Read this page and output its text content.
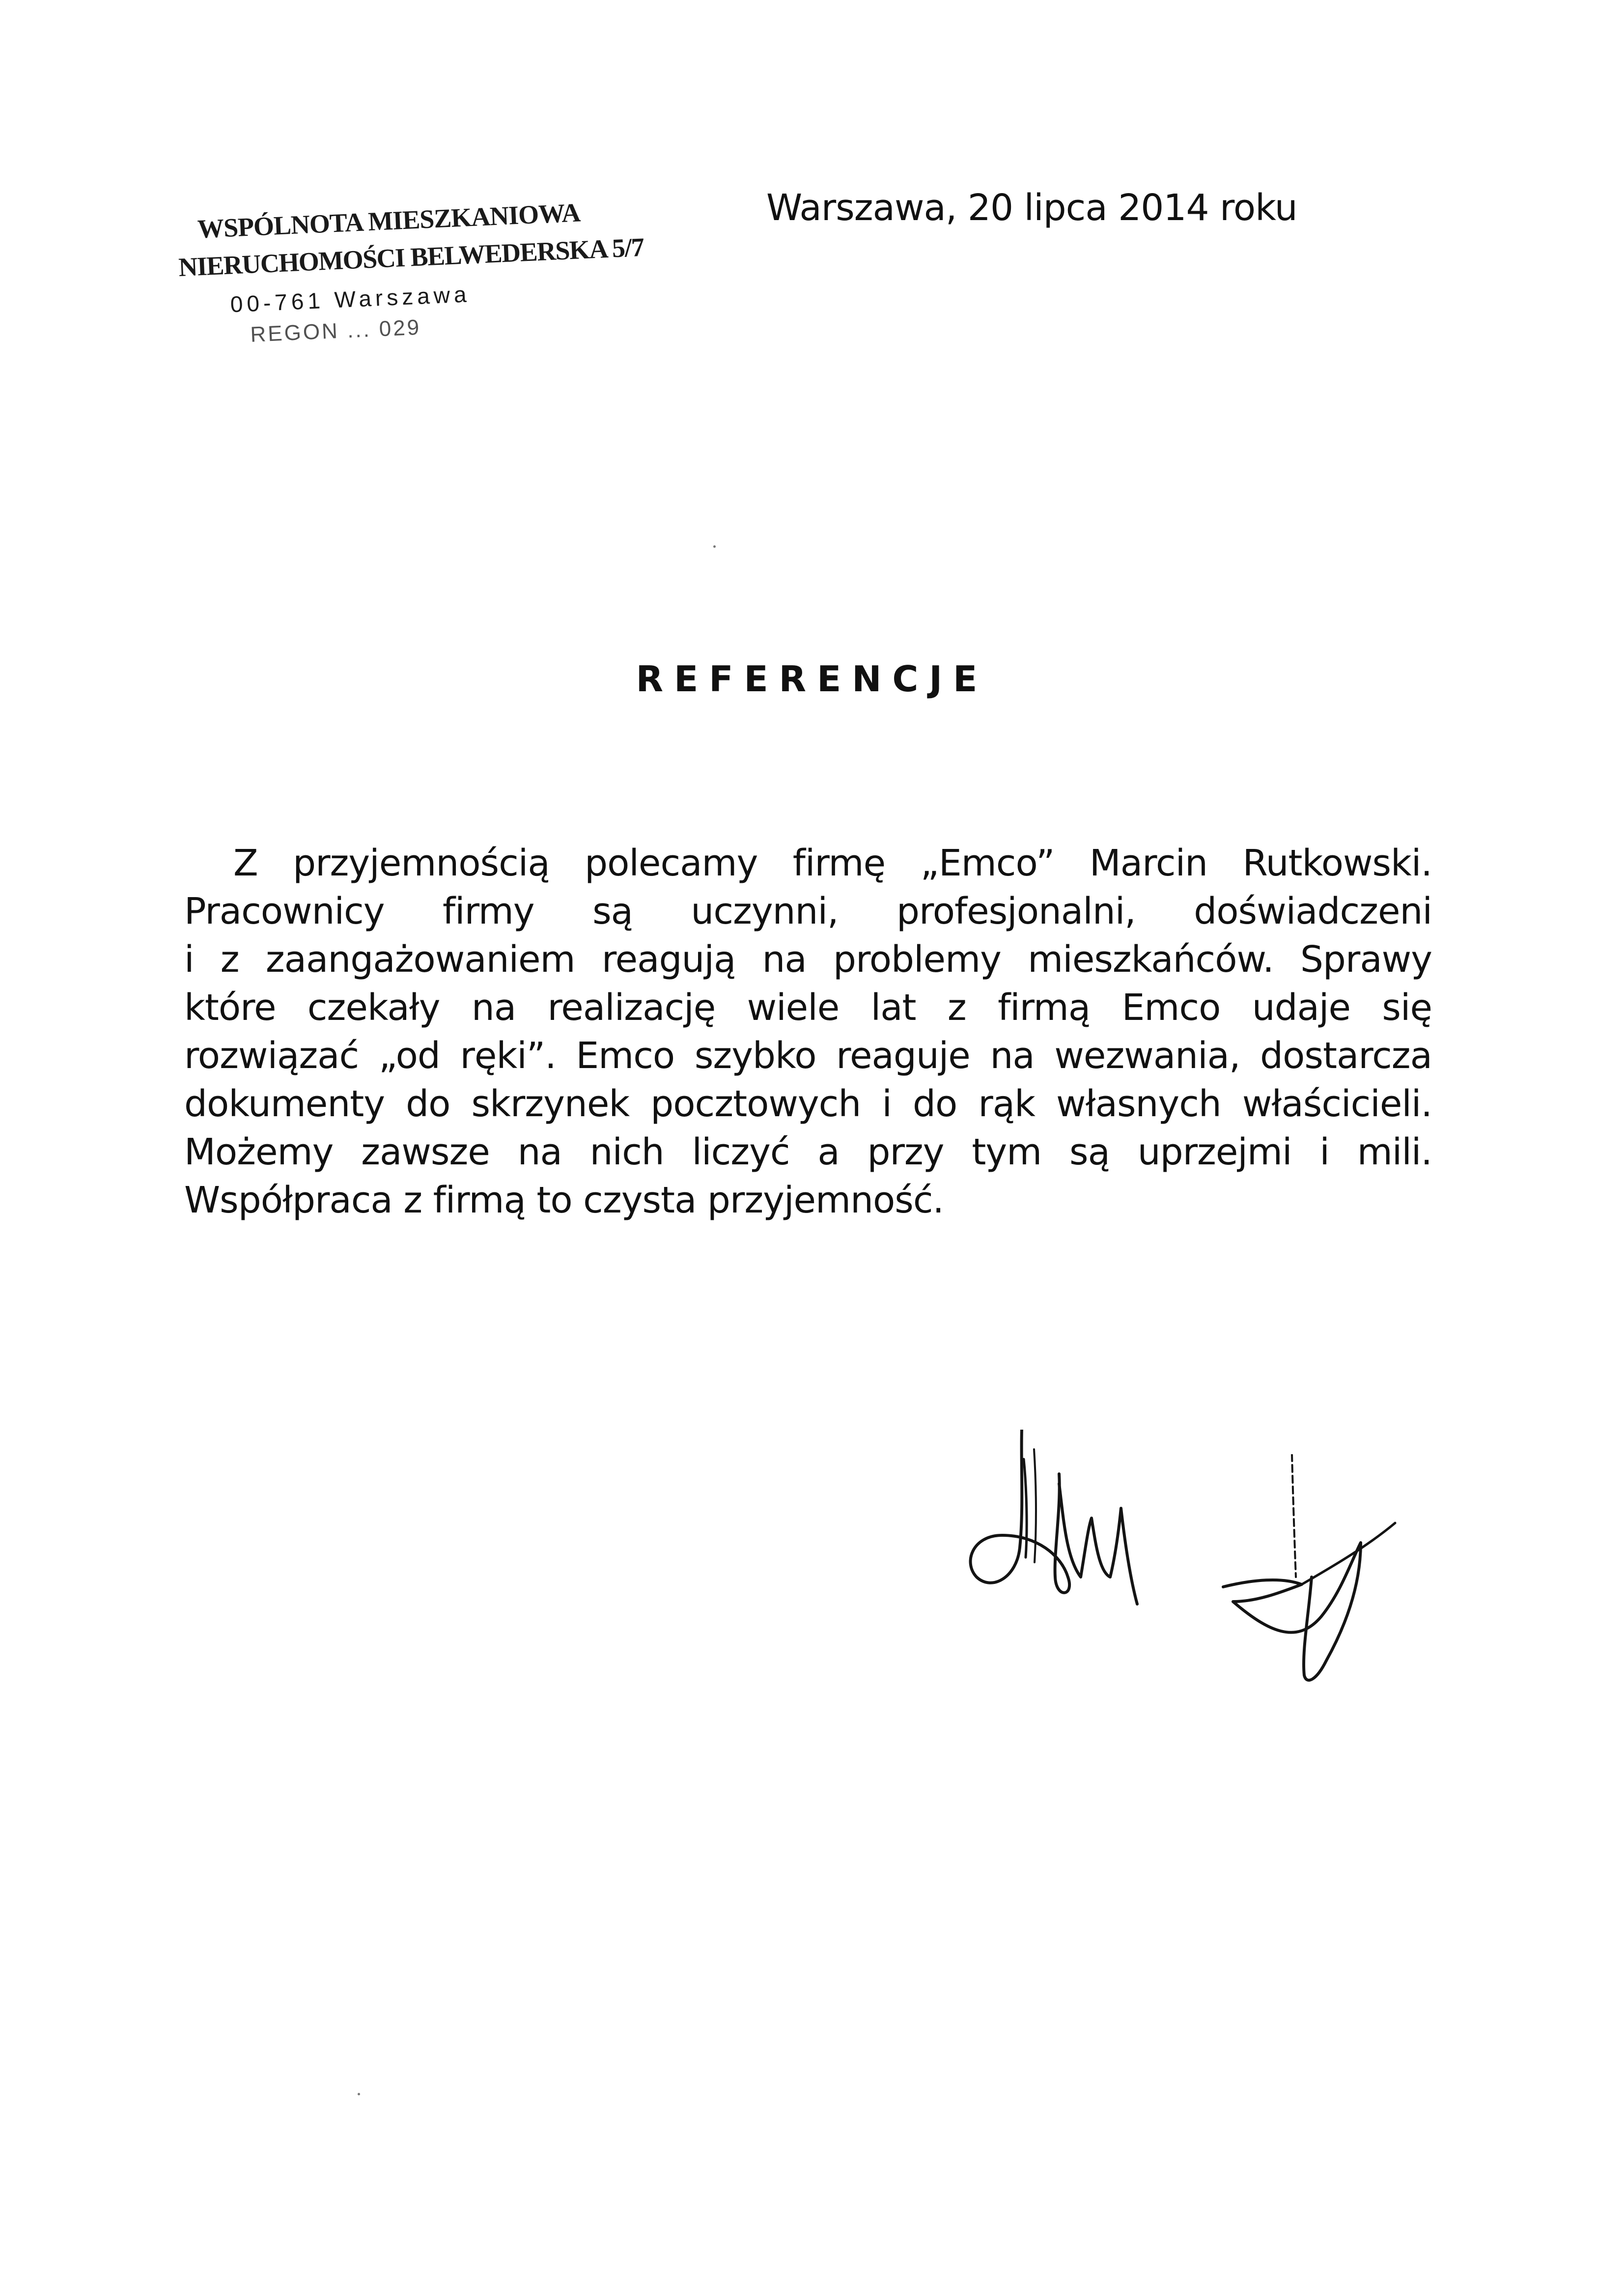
WSPÓLNOTA MIESZKANIOWA
NIERUCHOMOŚCI BELWEDERSKA 5/7
00-761 Warszawa
REGON ... 029
Warszawa, 20 lipca 2014 roku
REFERENCJE
Z przyjemnością polecamy firmę „Emco” Marcin Rutkowski.
Pracownicy firmy są uczynni, profesjonalni, doświadczeni
i z zaangażowaniem reagują na problemy mieszkańców. Sprawy
które czekały na realizację wiele lat z firmą Emco udaje się
rozwiązać „od ręki”. Emco szybko reaguje na wezwania, dostarcza
dokumenty do skrzynek pocztowych i do rąk własnych właścicieli.
Możemy zawsze na nich liczyć a przy tym są uprzejmi i mili.
Współpraca z firmą to czysta przyjemność.
